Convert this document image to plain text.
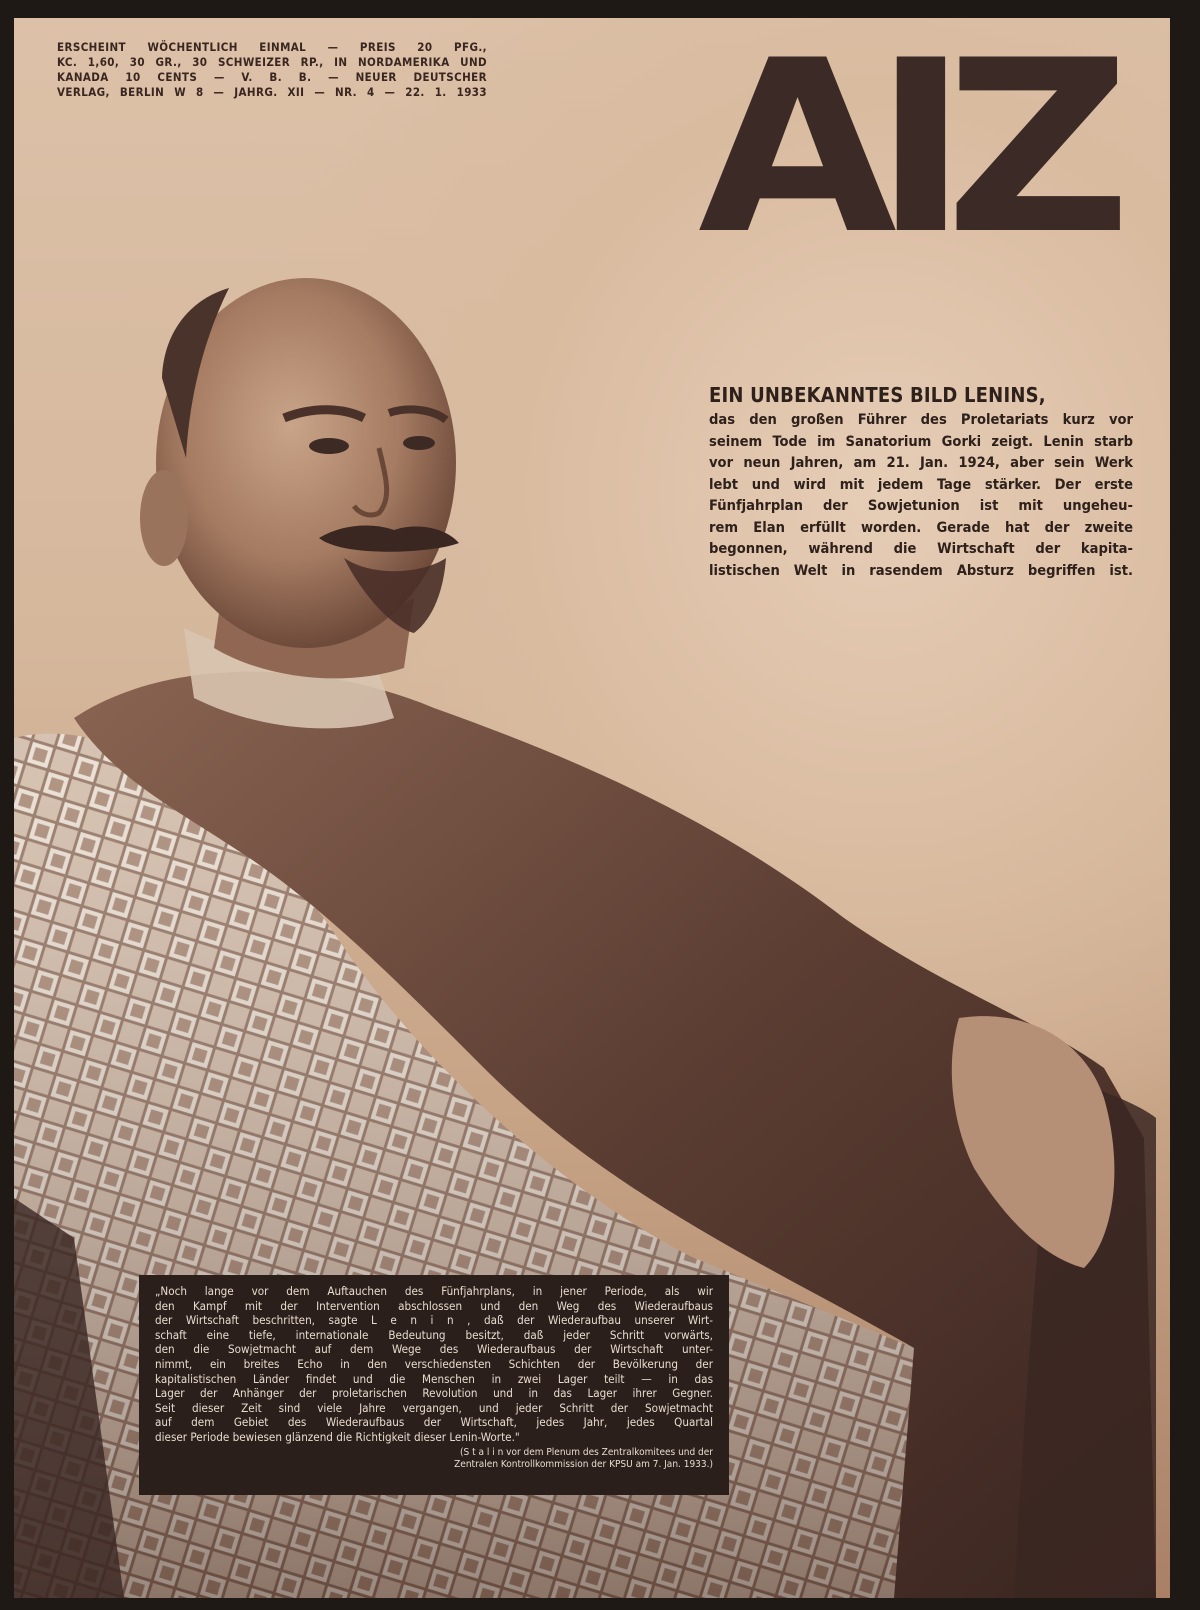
ERSCHEINT WÖCHENTLICH EINMAL — PREIS 20 PFG.,
KC. 1,60, 30 GR., 30 SCHWEIZER RP., IN NORDAMERIKA UND
KANADA 10 CENTS — V. B. B. — NEUER DEUTSCHER
VERLAG, BERLIN W 8 — JAHRG. XII — NR. 4 — 22. 1. 1933 AIZ
EIN UNBEKANNTES BILD LENINS,
das den großen Führer des Proletariats kurz vor
seinem Tode im Sanatorium Gorki zeigt. Lenin starb
vor neun Jahren, am 21. Jan. 1924, aber sein Werk
lebt und wird mit jedem Tage stärker. Der erste
Fünfjahrplan der Sowjetunion ist mit ungeheu-
rem Elan erfüllt worden. Gerade hat der zweite
begonnen, während die Wirtschaft der kapita-
listischen Welt in rasendem Absturz begriffen ist.
„Noch lange vor dem Auftauchen des Fünfjahrplans, in jener Periode, als wir
den Kampf mit der Intervention abschlossen und den Weg des Wiederaufbaus
der Wirtschaft beschritten, sagte L e n i n , daß der Wiederaufbau unserer Wirt-
schaft eine tiefe, internationale Bedeutung besitzt, daß jeder Schritt vorwärts,
den die Sowjetmacht auf dem Wege des Wiederaufbaus der Wirtschaft unter-
nimmt, ein breites Echo in den verschiedensten Schichten der Bevölkerung der
kapitalistischen Länder findet und die Menschen in zwei Lager teilt — in das
Lager der Anhänger der proletarischen Revolution und in das Lager ihrer Gegner.
Seit dieser Zeit sind viele Jahre vergangen, und jeder Schritt der Sowjetmacht
auf dem Gebiet des Wiederaufbaus der Wirtschaft, jedes Jahr, jedes Quartal
dieser Periode bewiesen glänzend die Richtigkeit dieser Lenin-Worte."
(S t a l i n vor dem Plenum des Zentralkomitees und der
Zentralen Kontrollkommission der KPSU am 7. Jan. 1933.)
